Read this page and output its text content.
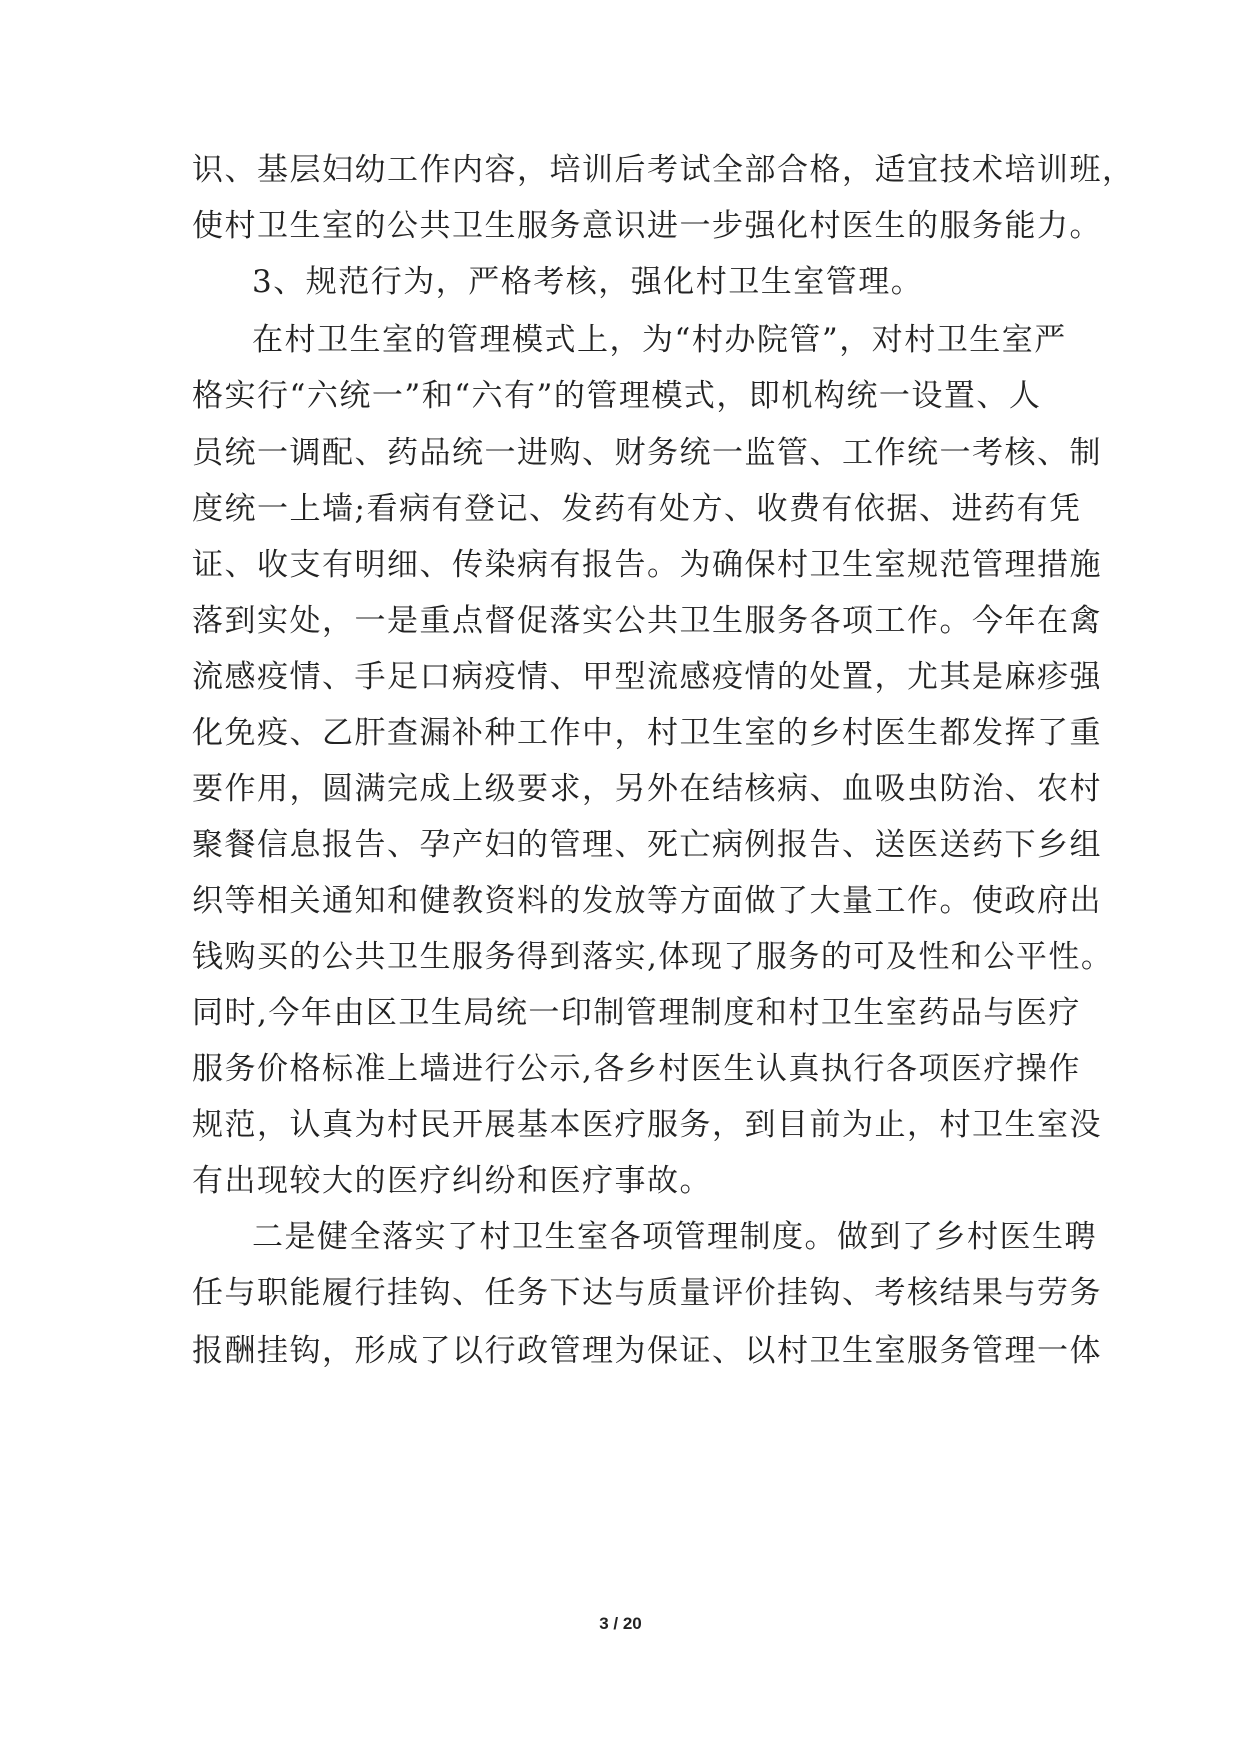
识、基层妇幼工作内容，培训后考试全部合格，适宜技术培训班，
使村卫生室的公共卫生服务意识进一步强化村医生的服务能力。
3、规范行为，严格考核，强化村卫生室管理。
在村卫生室的管理模式上，为“村办院管”，对村卫生室严
格实行“六统一”和“六有”的管理模式，即机构统一设置、人
员统一调配、药品统一进购、财务统一监管、工作统一考核、制
度统一上墙;看病有登记、发药有处方、收费有依据、进药有凭
证、收支有明细、传染病有报告。为确保村卫生室规范管理措施
落到实处，一是重点督促落实公共卫生服务各项工作。今年在禽
流感疫情、手足口病疫情、甲型流感疫情的处置，尤其是麻疹强
化免疫、乙肝查漏补种工作中，村卫生室的乡村医生都发挥了重
要作用，圆满完成上级要求，另外在结核病、血吸虫防治、农村
聚餐信息报告、孕产妇的管理、死亡病例报告、送医送药下乡组
织等相关通知和健教资料的发放等方面做了大量工作。使政府出
钱购买的公共卫生服务得到落实,体现了服务的可及性和公平性。
同时,今年由区卫生局统一印制管理制度和村卫生室药品与医疗
服务价格标准上墙进行公示,各乡村医生认真执行各项医疗操作
规范，认真为村民开展基本医疗服务，到目前为止，村卫生室没
有出现较大的医疗纠纷和医疗事故。
二是健全落实了村卫生室各项管理制度。做到了乡村医生聘
任与职能履行挂钩、任务下达与质量评价挂钩、考核结果与劳务
报酬挂钩，形成了以行政管理为保证、以村卫生室服务管理一体
3 / 20
